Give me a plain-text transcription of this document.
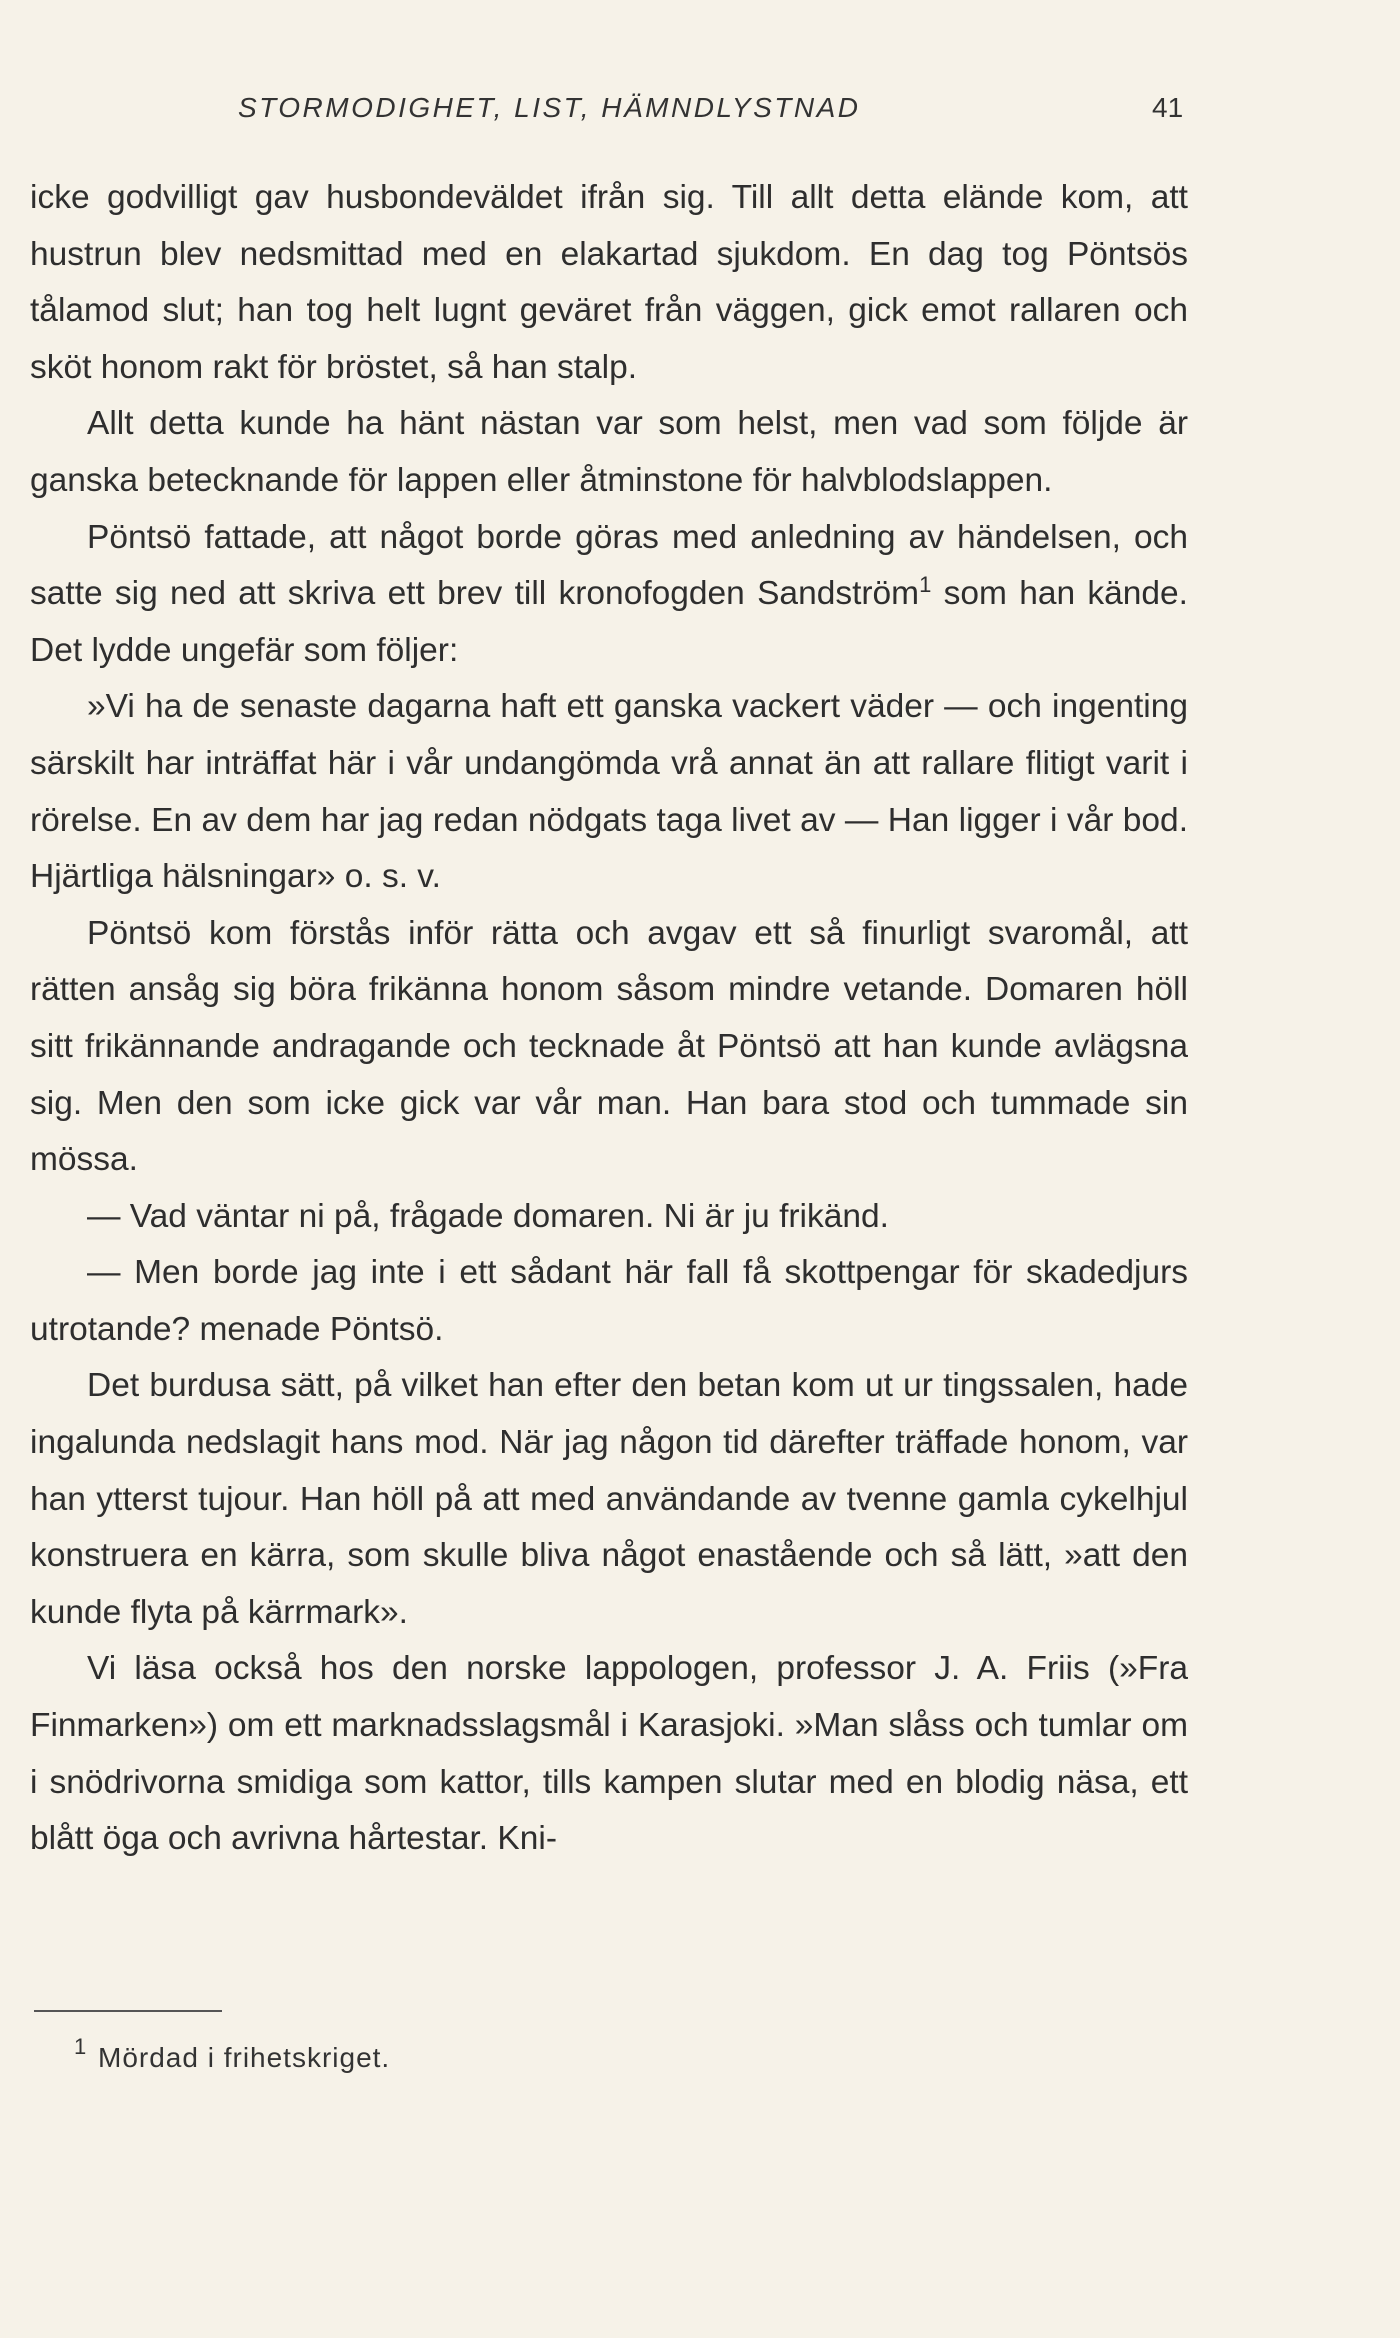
STORMODIGHET, LIST, HÄMNDLYSTNAD	41

icke godvilligt gav husbondeväldet ifrån sig. Till allt detta elände kom, att hustrun blev nedsmittad med en elakartad sjukdom. En dag tog Pöntsös tålamod slut; han tog helt lugnt geväret från väggen, gick emot rallaren och sköt honom rakt för bröstet, så han stalp.

Allt detta kunde ha hänt nästan var som helst, men vad som följde är ganska betecknande för lappen eller åtminstone för halvblodslappen.

Pöntsö fattade, att något borde göras med anledning av händelsen, och satte sig ned att skriva ett brev till kronofogden Sandström$^1$ som han kände. Det lydde ungefär som följer:

»Vi ha de senaste dagarna haft ett ganska vackert väder — och ingenting särskilt har inträffat här i vår undangömda vrå annat än att rallare flitigt varit i rörelse. En av dem har jag redan nödgats taga livet av — Han ligger i vår bod. Hjärtliga hälsningar» o. s. v.

Pöntsö kom förstås inför rätta och avgav ett så finurligt svaromål, att rätten ansåg sig böra frikänna honom såsom mindre vetande. Domaren höll sitt frikännande andragande och tecknade åt Pöntsö att han kunde avlägsna sig. Men den som icke gick var vår man. Han bara stod och tummade sin mössa.

— Vad väntar ni på, frågade domaren. Ni är ju frikänd.

— Men borde jag inte i ett sådant här fall få skottpengar för skadedjurs utrotande? menade Pöntsö.

Det burdusa sätt, på vilket han efter den betan kom ut ur tingssalen, hade ingalunda nedslagit hans mod. När jag någon tid därefter träffade honom, var han ytterst tujour. Han höll på att med användande av tvenne gamla cykelhjul konstruera en kärra, som skulle bliva något enastående och så lätt, »att den kunde flyta på kärrmark».

Vi läsa också hos den norske lappologen, professor J. A. Friis (»Fra Finmarken») om ett marknadsslagsmål i Karasjoki. »Man slåss och tumlar om i snödrivorna smidiga som kattor, tills kampen slutar med en blodig näsa, ett blått öga och avrivna hårtestar. Kni-

1 Mördad i frihetskriget.
